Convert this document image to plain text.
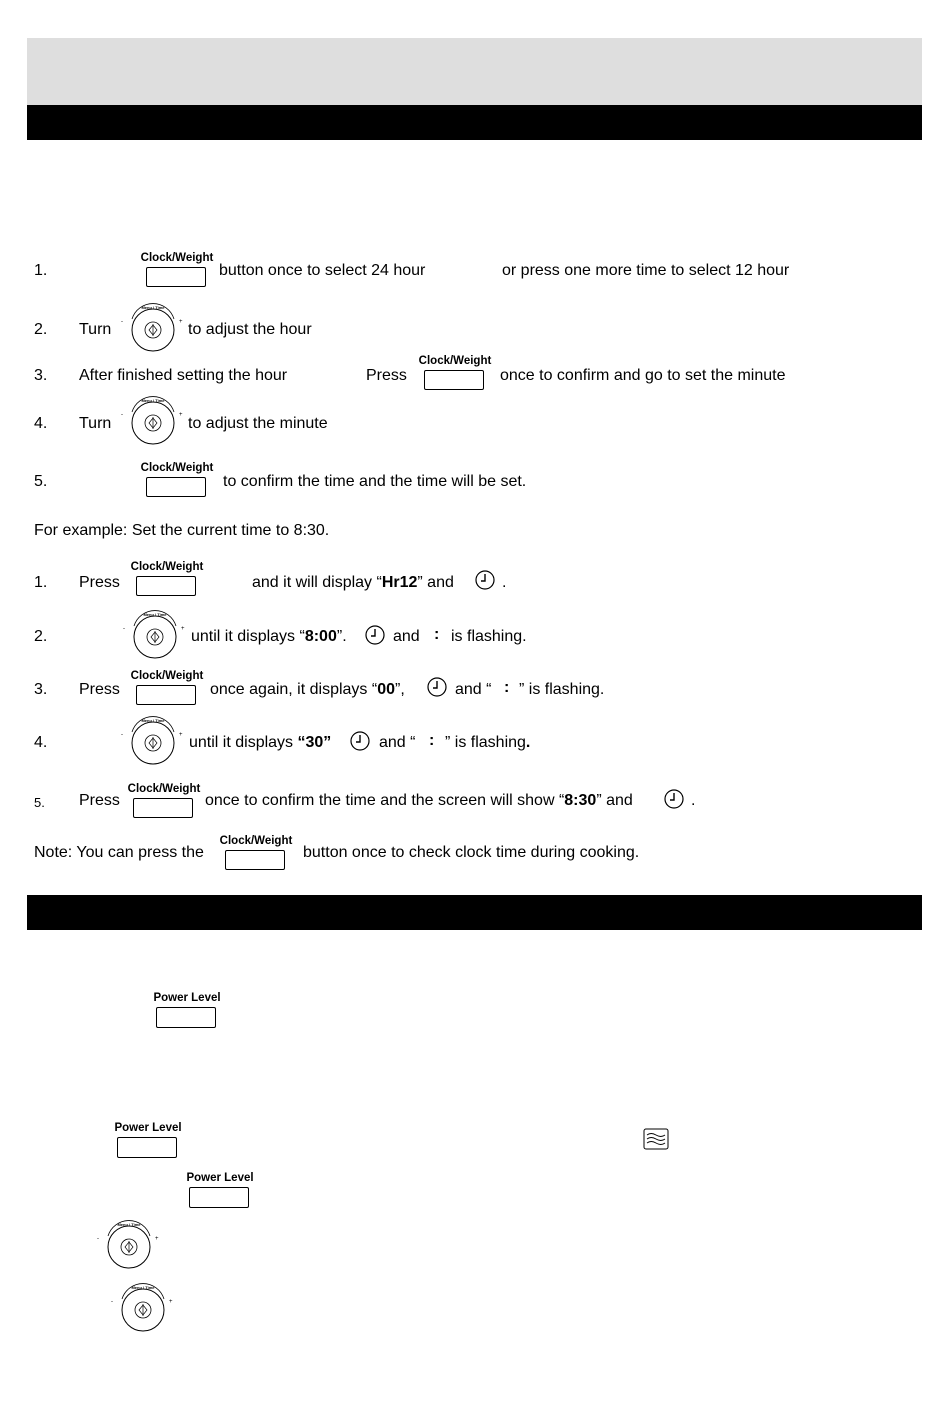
1.
Clock/Weight
button once to select 24 hour	or press one more time to select 12 hour
2. Turn
Menu / Time
-	+ to adjust the hour
3. After finished setting the hour	Press
Clock/Weight
once to confirm and go to set the minute
4. Turn
Menu / Time
-	+ to adjust the minute
5.
Clock/Weight
to confirm the time and the time will be set.
For example: Set the current time to 8:30.
1. Press
Clock/Weight
and it will display “Hr12” and	.
2.
Menu / Time
-	+ until it displays “8:00”.	and : is flashing.
3. Press
Clock/Weight
once again, it displays “00”,	and “ : ” is flashing.
4.
Menu / Time
-	+ until it displays “30”	and “ : ” is flashing.
5. Press
Clock/Weight
once to confirm the time and the screen will show “8:30” and	.
Note: You can press the
Clock/Weight
button once to check clock time during cooking.
Power Level
Power Level
Power Level
Menu / Time
-	+
Menu / Time
-	+
